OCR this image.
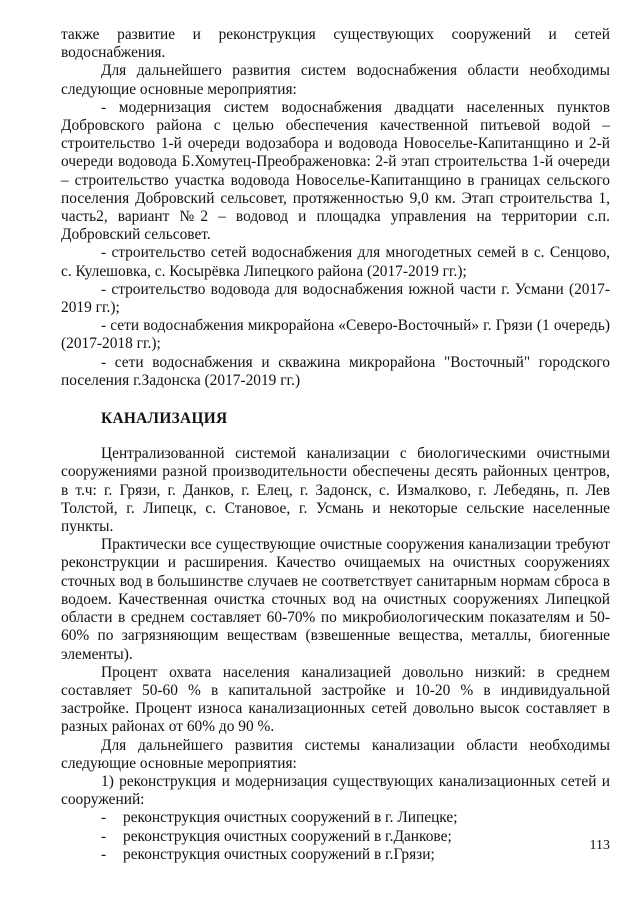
также развитие и реконструкция существующих сооружений и сетей водоснабжения.

Для дальнейшего развития систем водоснабжения области необходимы следующие основные мероприятия:

- модернизация систем водоснабжения двадцати населенных пунктов Добровского района с целью обеспечения качественной питьевой водой – строительство 1-й очереди водозабора и водовода Новоселье-Капитанщино и 2-й очереди водовода Б.Хомутец-Преображеновка: 2-й этап строительства 1-й очереди – строительство участка водовода Новоселье-Капитанщино в границах сельского поселения Добровский сельсовет, протяженностью 9,0 км. Этап строительства 1, часть2, вариант №2 – водовод и площадка управления на территории с.п. Добровский сельсовет.

- строительство сетей водоснабжения для многодетных семей в с. Сенцово, с. Кулешовка, с. Косырёвка Липецкого района (2017-2019 гг.);

- строительство водовода для водоснабжения южной части г. Усмани (2017-2019 гг.);

- сети водоснабжения микрорайона «Северо-Восточный» г. Грязи (1 очередь) (2017-2018 гг.);

- сети водоснабжения и скважина микрорайона "Восточный" городского поселения г.Задонска (2017-2019 гг.)

КАНАЛИЗАЦИЯ

Централизованной системой канализации с биологическими очистными сооружениями разной производительности обеспечены десять районных центров, в т.ч: г. Грязи, г. Данков, г. Елец, г. Задонск, с. Измалково, г. Лебедянь, п. Лев Толстой, г. Липецк, с. Становое, г. Усмань и некоторые сельские населенные пункты.

Практически все существующие очистные сооружения канализации требуют реконструкции и расширения. Качество очищаемых на очистных сооружениях сточных вод в большинстве случаев не соответствует санитарным нормам сброса в водоем. Качественная очистка сточных вод на очистных сооружениях Липецкой области в среднем составляет 60-70% по микробиологическим показателям и 50-60% по загрязняющим веществам (взвешенные вещества, металлы, биогенные элементы).

Процент охвата населения канализацией довольно низкий: в среднем составляет 50-60 % в капитальной застройке и 10-20 % в индивидуальной застройке. Процент износа канализационных сетей довольно высок составляет в разных районах от 60% до 90 %.

Для дальнейшего развития системы канализации области необходимы следующие основные мероприятия:

1) реконструкция и модернизация существующих канализационных сетей и сооружений:

- реконструкция очистных сооружений в г. Липецке;
- реконструкция очистных сооружений в г.Данкове;
- реконструкция очистных сооружений в г.Грязи;
113
